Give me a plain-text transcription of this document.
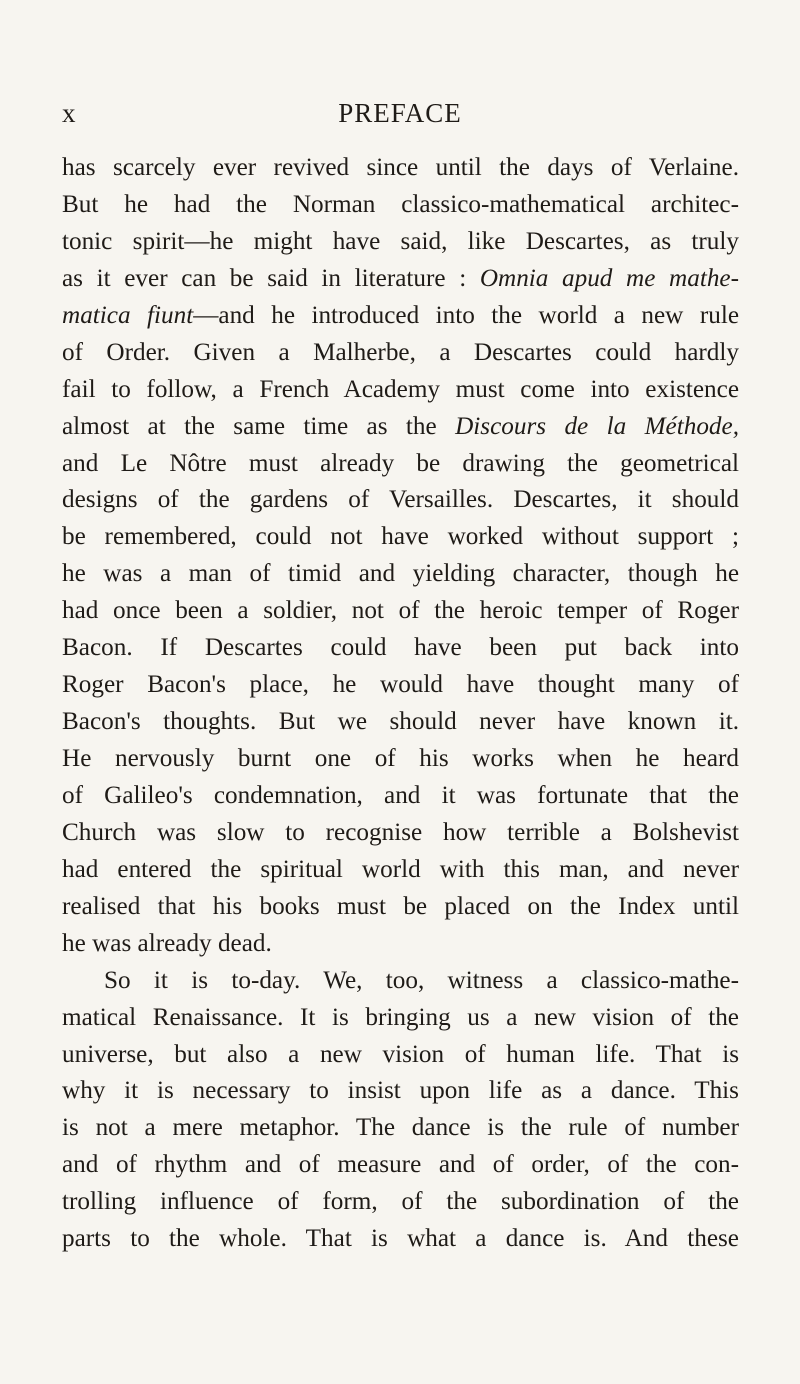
x	PREFACE
has scarcely ever revived since until the days of Verlaine.
But he had the Norman classico-mathematical architec-
tonic spirit—he might have said, like Descartes, as truly
as it ever can be said in literature : Omnia apud me mathe-
matica fiunt—and he introduced into the world a new rule
of Order. Given a Malherbe, a Descartes could hardly
fail to follow, a French Academy must come into existence
almost at the same time as the Discours de la Méthode,
and Le Nôtre must already be drawing the geometrical
designs of the gardens of Versailles. Descartes, it should
be remembered, could not have worked without support ;
he was a man of timid and yielding character, though he
had once been a soldier, not of the heroic temper of Roger
Bacon. If Descartes could have been put back into
Roger Bacon's place, he would have thought many of
Bacon's thoughts. But we should never have known it.
He nervously burnt one of his works when he heard
of Galileo's condemnation, and it was fortunate that the
Church was slow to recognise how terrible a Bolshevist
had entered the spiritual world with this man, and never
realised that his books must be placed on the Index until
he was already dead.
So it is to-day. We, too, witness a classico-mathe-
matical Renaissance. It is bringing us a new vision of the
universe, but also a new vision of human life. That is
why it is necessary to insist upon life as a dance. This
is not a mere metaphor. The dance is the rule of number
and of rhythm and of measure and of order, of the con-
trolling influence of form, of the subordination of the
parts to the whole. That is what a dance is. And these
